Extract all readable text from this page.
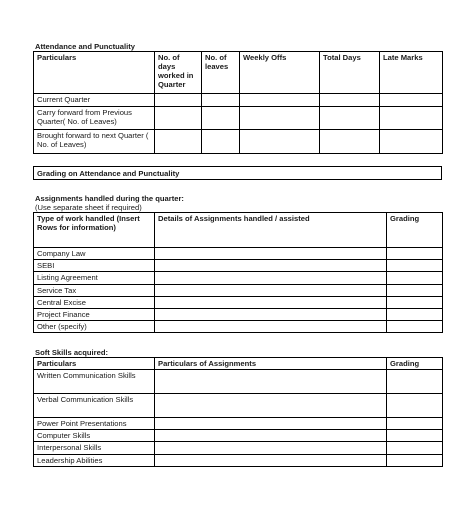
Attendance and Punctuality
Particulars	No. of days worked in Quarter	No. of leaves	Weekly Offs	Total Days	Late Marks
Current Quarter					
Carry forward from Previous Quarter( No. of Leaves)					
Brought forward to next Quarter ( No. of Leaves)					
Grading on Attendance and Punctuality
Assignments handled during the quarter:
(Use separate sheet if required)
Type of work handled (Insert Rows for information)	Details of Assignments handled / assisted	Grading
Company Law		
SEBI		
Listing Agreement		
Service Tax		
Central Excise		
Project Finance		
Other (specify)		
Soft Skills acquired:
Particulars	Particulars of Assignments	Grading
Written Communication Skills		
Verbal Communication Skills		
Power Point Presentations		
Computer Skills		
Interpersonal Skills		
Leadership Abilities		
